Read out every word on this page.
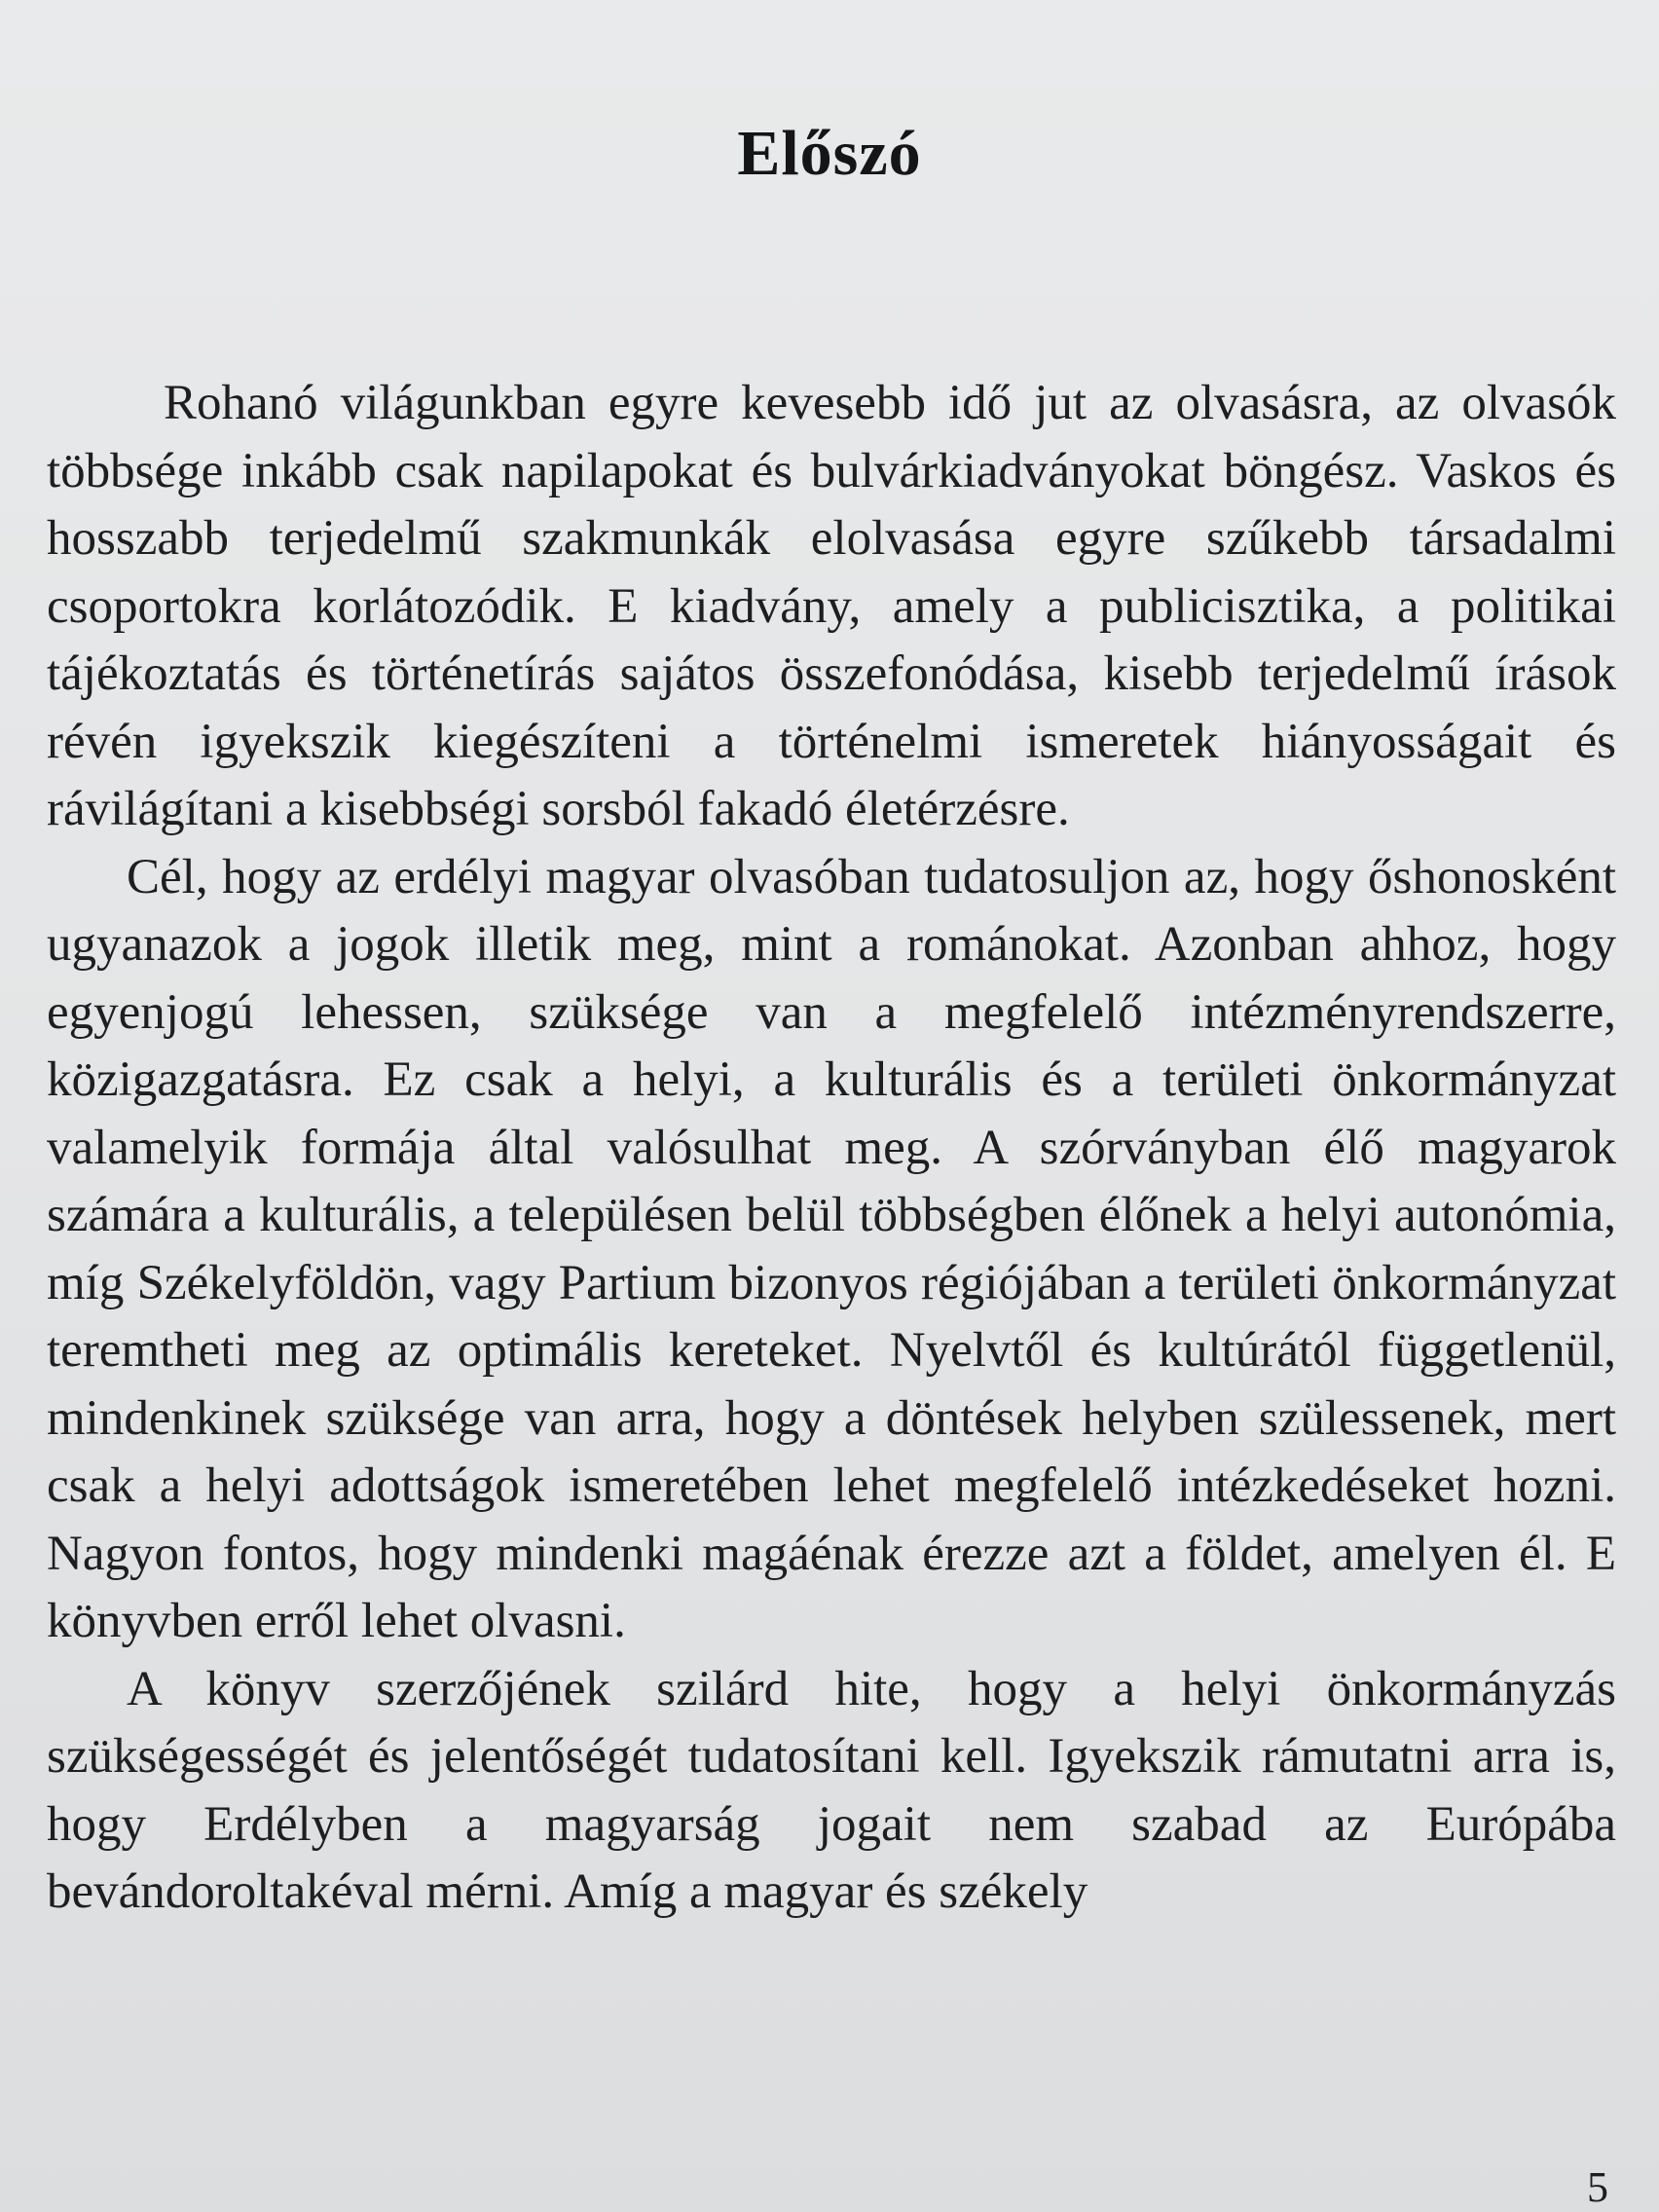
Előszó

Rohanó világunkban egyre kevesebb idő jut az olvasásra, az olvasók többsége inkább csak napilapokat és bulvárkiadványokat böngész. Vaskos és hosszabb terjedelmű szakmunkák elolvasása egyre szűkebb társadalmi csoportokra korlátozódik. E kiadvány, amely a publicisztika, a politikai tájékoztatás és történetírás sajátos összefonódása, kisebb terjedelmű írások révén igyekszik kiegészíteni a történelmi ismeretek hiányosságait és rávilágítani a kisebbségi sorsból fakadó életérzésre.

Cél, hogy az erdélyi magyar olvasóban tudatosuljon az, hogy őshonosként ugyanazok a jogok illetik meg, mint a románokat. Azonban ahhoz, hogy egyenjogú lehessen, szüksége van a megfelelő intézményrendszerre, közigazgatásra. Ez csak a helyi, a kulturális és a területi önkormányzat valamelyik formája által valósulhat meg. A szórványban élő magyarok számára a kulturális, a településen belül többségben élőnek a helyi autonómia, míg Székelyföldön, vagy Partium bizonyos régiójában a területi önkormányzat teremtheti meg az optimális kereteket. Nyelvtől és kultúrától függetlenül, mindenkinek szüksége van arra, hogy a döntések helyben szülessenek, mert csak a helyi adottságok ismeretében lehet megfelelő intézkedéseket hozni. Nagyon fontos, hogy mindenki magáénak érezze azt a földet, amelyen él. E könyvben erről lehet olvasni.

A könyv szerzőjének szilárd hite, hogy a helyi önkormányzás szükségességét és jelentőségét tudatosítani kell. Igyekszik rámutatni arra is, hogy Erdélyben a magyarság jogait nem szabad az Európába bevándoroltakéval mérni. Amíg a magyar és székely

5
